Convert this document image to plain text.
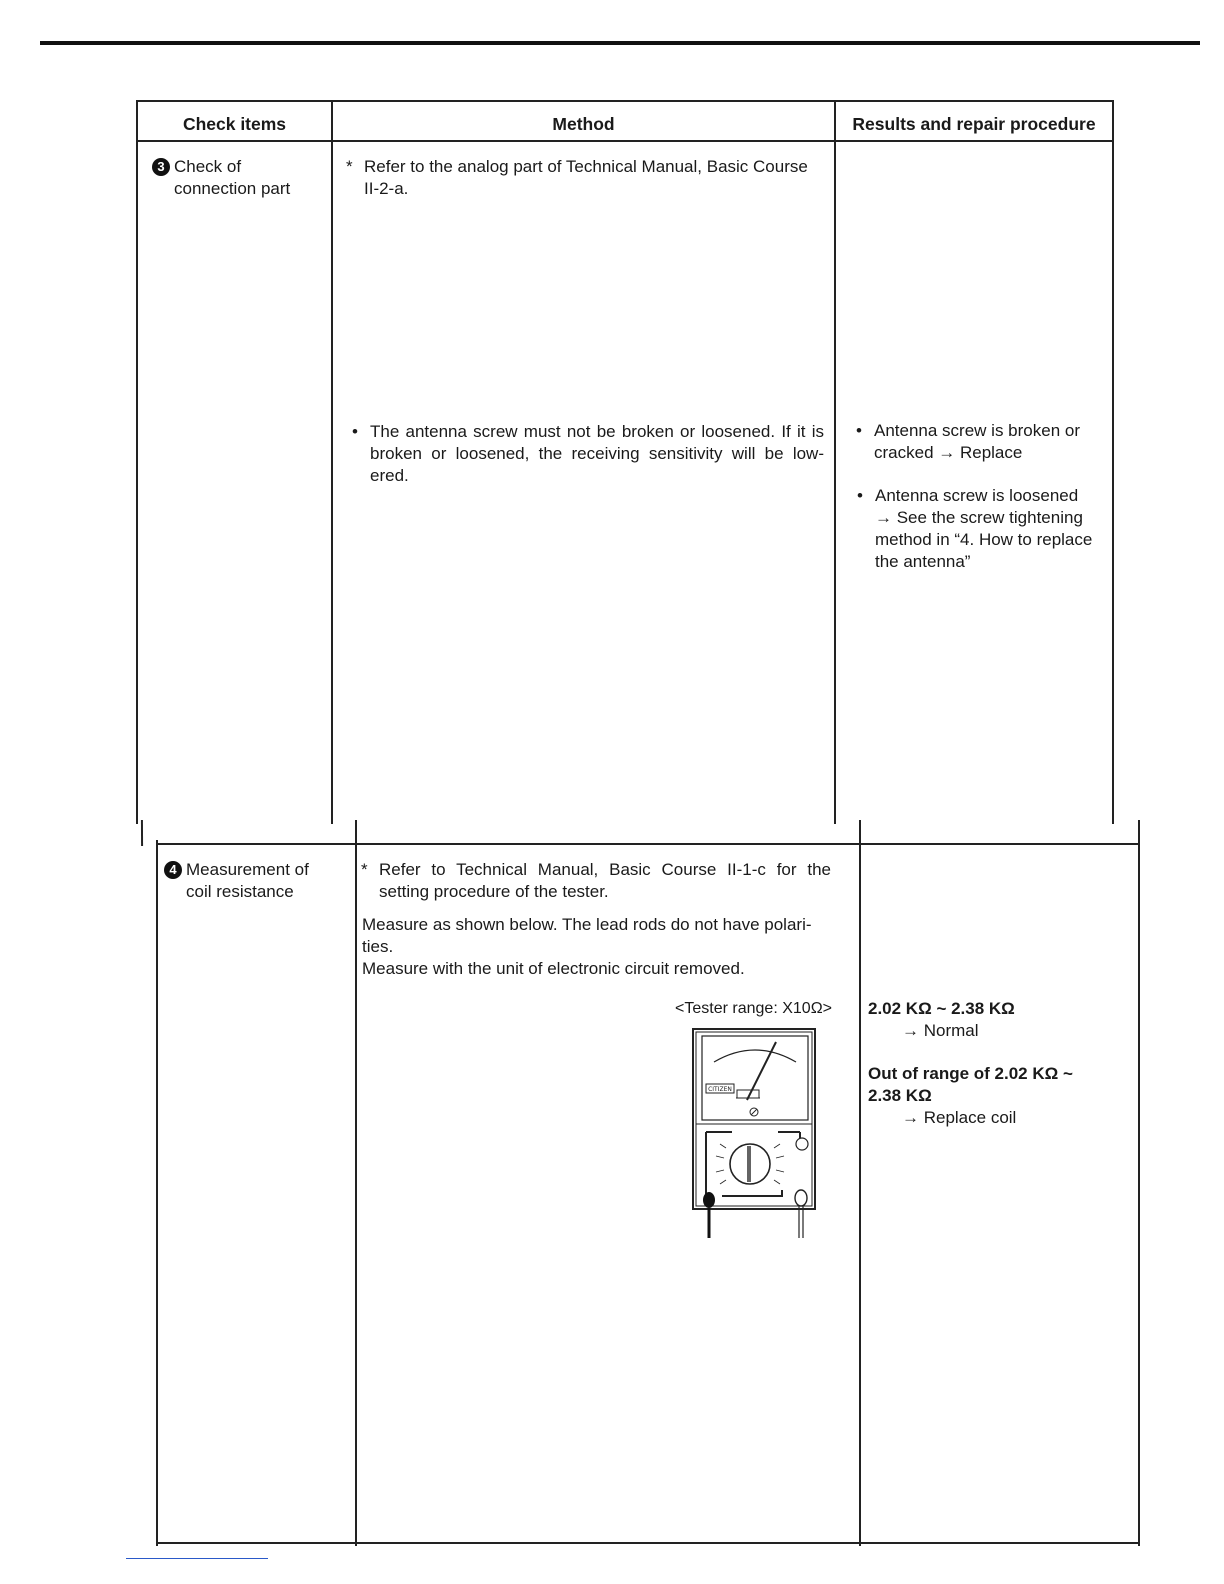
Check items	Method	Results and repair procedure
3 Check of
connection part
* Refer to the analog part of Technical Manual, Basic Course
II-2-a.
• The antenna screw must not be broken or loosened. If it is broken or loosened, the receiving sensitivity will be low-ered.
• Antenna screw is broken or
cracked → Replace
• Antenna screw is loosened
→ See the screw tightening
method in “4. How to replace
the antenna”
4 Measurement of
coil resistance
* Refer to Technical Manual, Basic Course II-1-c for the setting procedure of the tester.
Measure as shown below. The lead rods do not have polari-ties.
Measure with the unit of electronic circuit removed.
<Tester range: X10Ω>
CITIZEN
2.02 KΩ ~ 2.38 KΩ
→ Normal
Out of range of 2.02 KΩ ~
2.38 KΩ
→ Replace coil
